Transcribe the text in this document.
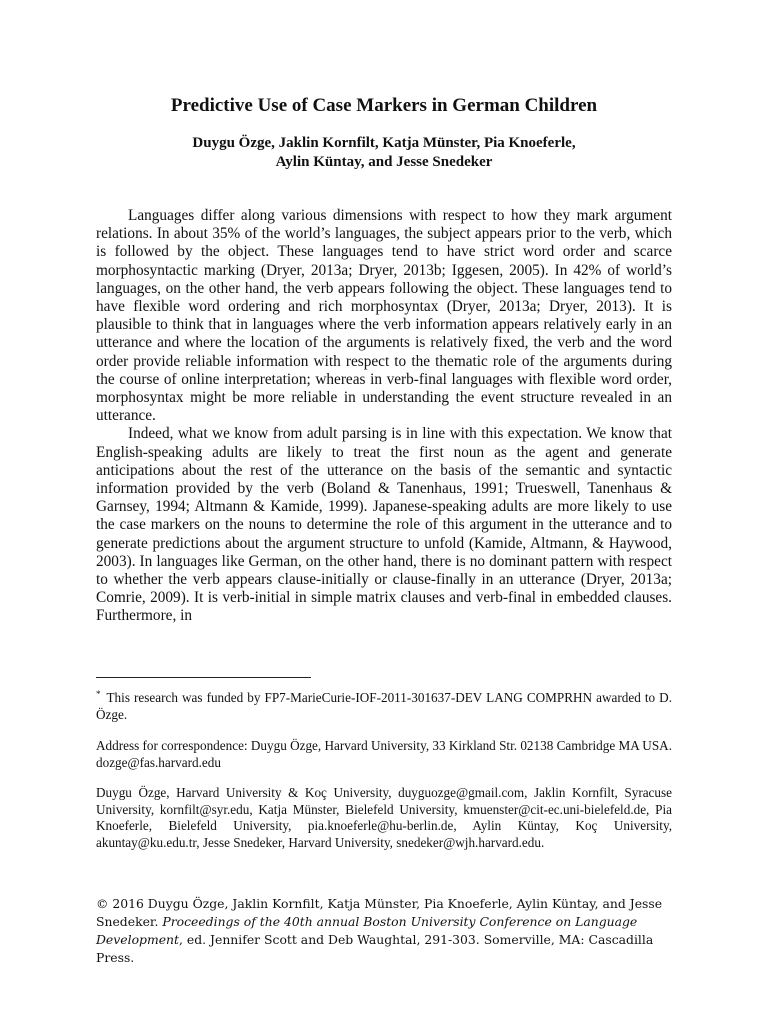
Predictive Use of Case Markers in German Children
Duygu Özge, Jaklin Kornfilt, Katja Münster, Pia Knoeferle,
Aylin Küntay, and Jesse Snedeker

Languages differ along various dimensions with respect to how they mark argument relations. In about 35% of the world’s languages, the subject appears prior to the verb, which is followed by the object. These languages tend to have strict word order and scarce morphosyntactic marking (Dryer, 2013a; Dryer, 2013b; Iggesen, 2005). In 42% of world’s languages, on the other hand, the verb appears following the object. These languages tend to have flexible word ordering and rich morphosyntax (Dryer, 2013a; Dryer, 2013). It is plausible to think that in languages where the verb information appears relatively early in an utterance and where the location of the arguments is relatively fixed, the verb and the word order provide reliable information with respect to the thematic role of the arguments during the course of online interpretation; whereas in verb-final languages with flexible word order, morphosyntax might be more reliable in understanding the event structure revealed in an utterance.

Indeed, what we know from adult parsing is in line with this expectation. We know that English-speaking adults are likely to treat the first noun as the agent and generate anticipations about the rest of the utterance on the basis of the semantic and syntactic information provided by the verb (Boland & Tanenhaus, 1991; Trueswell, Tanenhaus & Garnsey, 1994; Altmann & Kamide, 1999). Japanese-speaking adults are more likely to use the case markers on the nouns to determine the role of this argument in the utterance and to generate predictions about the argument structure to unfold (Kamide, Altmann, & Haywood, 2003). In languages like German, on the other hand, there is no dominant pattern with respect to whether the verb appears clause-initially or clause-finally in an utterance (Dryer, 2013a; Comrie, 2009). It is verb-initial in simple matrix clauses and verb-final in embedded clauses. Furthermore, in

* This research was funded by FP7-MarieCurie-IOF-2011-301637-DEV LANG COMPRHN awarded to D. Özge.
Address for correspondence: Duygu Özge, Harvard University, 33 Kirkland Str. 02138 Cambridge MA USA. dozge@fas.harvard.edu
Duygu Özge, Harvard University & Koç University, duyguozge@gmail.com, Jaklin Kornfilt, Syracuse University, kornfilt@syr.edu, Katja Münster, Bielefeld University, kmuenster@cit-ec.uni-bielefeld.de, Pia Knoeferle, Bielefeld University, pia.knoeferle@hu-berlin.de, Aylin Küntay, Koç University, akuntay@ku.edu.tr, Jesse Snedeker, Harvard University, snedeker@wjh.harvard.edu.
© 2016 Duygu Özge, Jaklin Kornfilt, Katja Münster, Pia Knoeferle, Aylin Küntay, and Jesse Snedeker. Proceedings of the 40th annual Boston University Conference on Language Development, ed. Jennifer Scott and Deb Waughtal, 291-303. Somerville, MA: Cascadilla Press.
